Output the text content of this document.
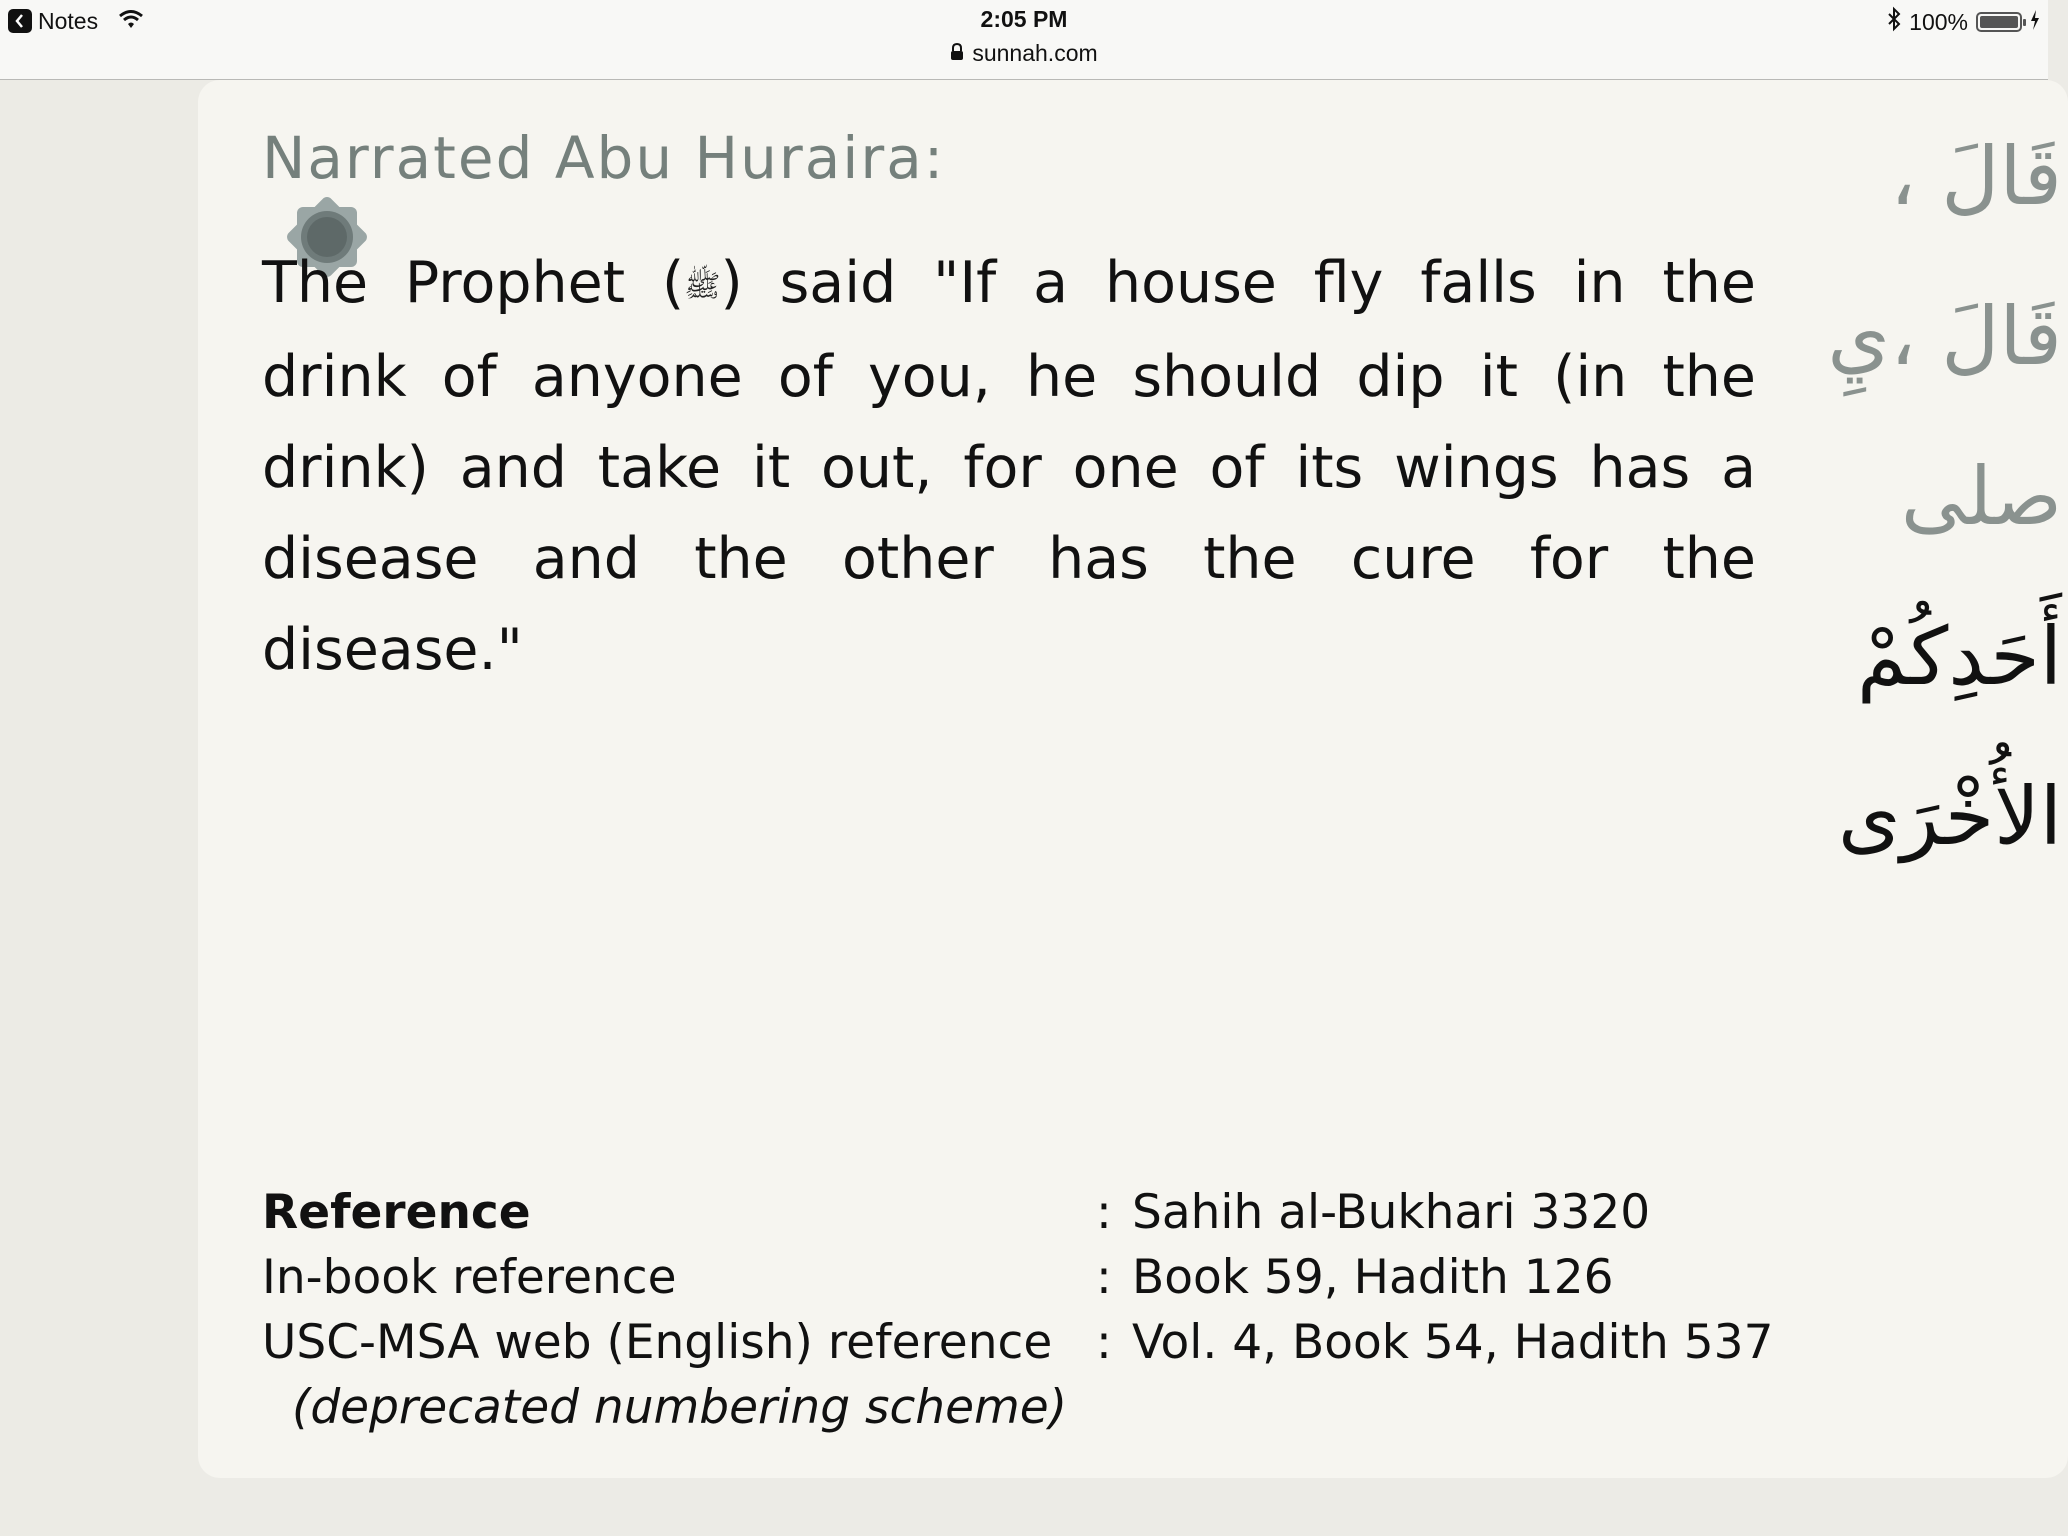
Notes	2:05 PM
sunnah.com
100%
Narrated Abu Huraira:
The Prophet (ﷺ) said "If a house fly falls in the drink of anyone of you, he should dip it (in the drink) and take it out, for one of its wings has a disease and the other has the cure for the disease."
قَالَ ،
قَالَ ،يِ
صلى
أَحَدِكُمْ
الأُخْرَى
Reference	: Sahih al-Bukhari 3320
In-book reference	: Book 59, Hadith 126
USC-MSA web (English) reference : Vol. 4, Book 54, Hadith 537
(deprecated numbering scheme)
